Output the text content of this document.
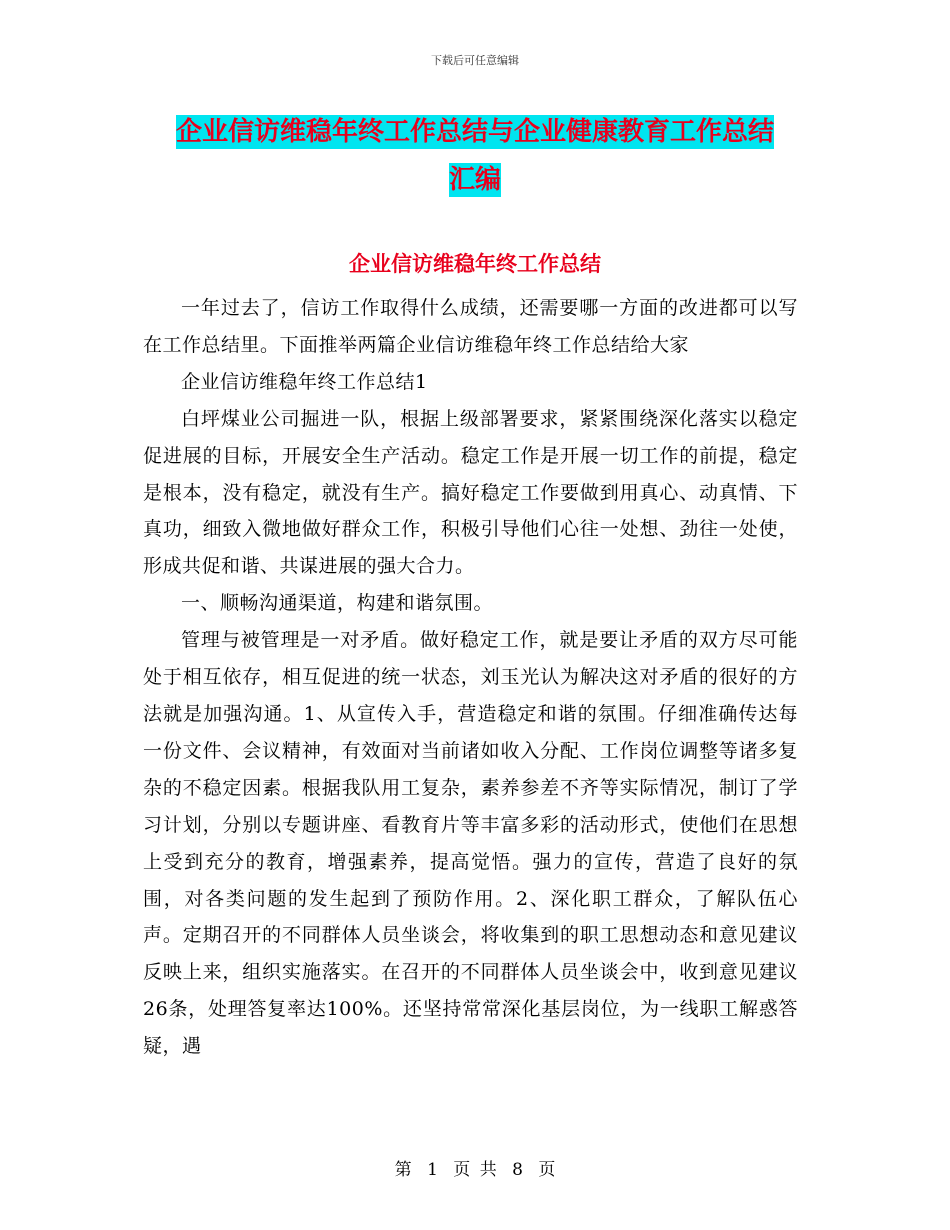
下载后可任意编辑
企业信访维稳年终工作总结与企业健康教育工作总结
汇编
企业信访维稳年终工作总结

一年过去了，信访工作取得什么成绩，还需要哪一方面的改进都可以写在工作总结里。下面推举两篇企业信访维稳年终工作总结给大家

企业信访维稳年终工作总结1

白坪煤业公司掘进一队，根据上级部署要求，紧紧围绕深化落实以稳定促进展的目标，开展安全生产活动。稳定工作是开展一切工作的前提，稳定是根本，没有稳定，就没有生产。搞好稳定工作要做到用真心、动真情、下真功，细致入微地做好群众工作，积极引导他们心往一处想、劲往一处使，形成共促和谐、共谋进展的强大合力。

一、顺畅沟通渠道，构建和谐氛围。

管理与被管理是一对矛盾。做好稳定工作，就是要让矛盾的双方尽可能处于相互依存，相互促进的统一状态，刘玉光认为解决这对矛盾的很好的方法就是加强沟通。1、从宣传入手，营造稳定和谐的氛围。仔细准确传达每一份文件、会议精神，有效面对当前诸如收入分配、工作岗位调整等诸多复杂的不稳定因素。根据我队用工复杂，素养参差不齐等实际情况，制订了学习计划，分别以专题讲座、看教育片等丰富多彩的活动形式，使他们在思想上受到充分的教育，增强素养，提高觉悟。强力的宣传，营造了良好的氛围，对各类问题的发生起到了预防作用。2、深化职工群众，了解队伍心声。定期召开的不同群体人员坐谈会，将收集到的职工思想动态和意见建议反映上来，组织实施落实。在召开的不同群体人员坐谈会中，收到意见建议26条，处理答复率达100%。还坚持常常深化基层岗位，为一线职工解惑答疑，遇

第 1 页 共 8 页
